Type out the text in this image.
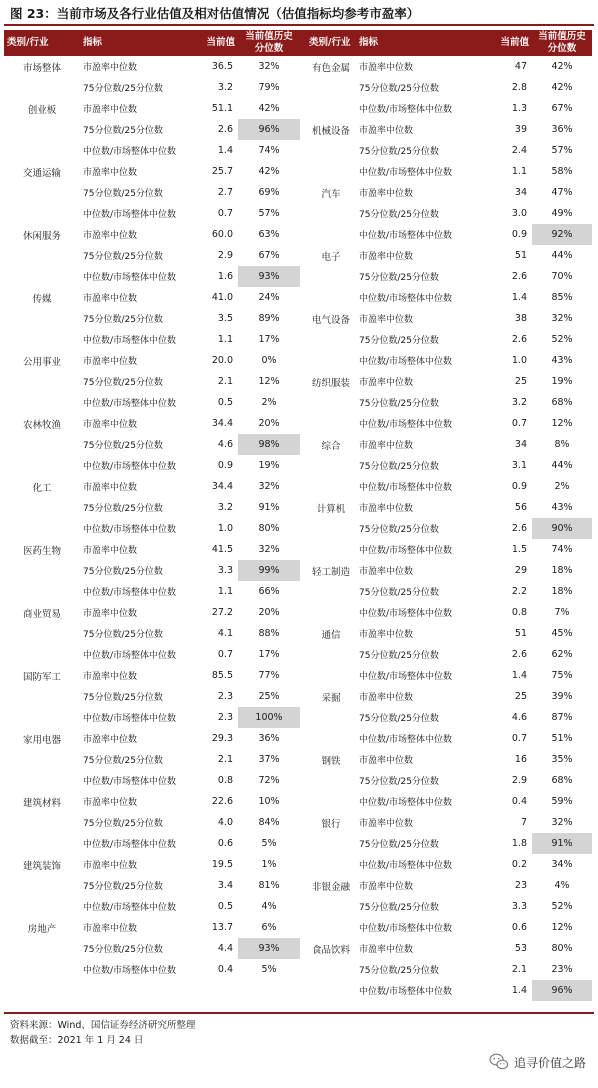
图 23：当前市场及各行业估值及相对估值情况（估值指标均参考市盈率）
类别/行业	指标	当前值	当前值历史分位数		类别/行业	指标	当前值	当前值历史分位数
市场整体	市盈率中位数	36.5	32%		有色金属	市盈率中位数	47	42%
	75分位数/25分位数	3.2	79%			75分位数/25分位数	2.8	42%
创业板	市盈率中位数	51.1	42%			中位数/市场整体中位数	1.3	67%
	75分位数/25分位数	2.6	96%		机械设备	市盈率中位数	39	36%
	中位数/市场整体中位数	1.4	74%			75分位数/25分位数	2.4	57%
交通运输	市盈率中位数	25.7	42%			中位数/市场整体中位数	1.1	58%
	75分位数/25分位数	2.7	69%		汽车	市盈率中位数	34	47%
	中位数/市场整体中位数	0.7	57%			75分位数/25分位数	3.0	49%
休闲服务	市盈率中位数	60.0	63%			中位数/市场整体中位数	0.9	92%
	75分位数/25分位数	2.9	67%		电子	市盈率中位数	51	44%
	中位数/市场整体中位数	1.6	93%			75分位数/25分位数	2.6	70%
传媒	市盈率中位数	41.0	24%			中位数/市场整体中位数	1.4	85%
	75分位数/25分位数	3.5	89%		电气设备	市盈率中位数	38	32%
	中位数/市场整体中位数	1.1	17%			75分位数/25分位数	2.6	52%
公用事业	市盈率中位数	20.0	0%			中位数/市场整体中位数	1.0	43%
	75分位数/25分位数	2.1	12%		纺织服装	市盈率中位数	25	19%
	中位数/市场整体中位数	0.5	2%			75分位数/25分位数	3.2	68%
农林牧渔	市盈率中位数	34.4	20%			中位数/市场整体中位数	0.7	12%
	75分位数/25分位数	4.6	98%		综合	市盈率中位数	34	8%
	中位数/市场整体中位数	0.9	19%			75分位数/25分位数	3.1	44%
化工	市盈率中位数	34.4	32%			中位数/市场整体中位数	0.9	2%
	75分位数/25分位数	3.2	91%		计算机	市盈率中位数	56	43%
	中位数/市场整体中位数	1.0	80%			75分位数/25分位数	2.6	90%
医药生物	市盈率中位数	41.5	32%			中位数/市场整体中位数	1.5	74%
	75分位数/25分位数	3.3	99%		轻工制造	市盈率中位数	29	18%
	中位数/市场整体中位数	1.1	66%			75分位数/25分位数	2.2	18%
商业贸易	市盈率中位数	27.2	20%			中位数/市场整体中位数	0.8	7%
	75分位数/25分位数	4.1	88%		通信	市盈率中位数	51	45%
	中位数/市场整体中位数	0.7	17%			75分位数/25分位数	2.6	62%
国防军工	市盈率中位数	85.5	77%			中位数/市场整体中位数	1.4	75%
	75分位数/25分位数	2.3	25%		采掘	市盈率中位数	25	39%
	中位数/市场整体中位数	2.3	100%			75分位数/25分位数	4.6	87%
家用电器	市盈率中位数	29.3	36%			中位数/市场整体中位数	0.7	51%
	75分位数/25分位数	2.1	37%		钢铁	市盈率中位数	16	35%
	中位数/市场整体中位数	0.8	72%			75分位数/25分位数	2.9	68%
建筑材料	市盈率中位数	22.6	10%			中位数/市场整体中位数	0.4	59%
	75分位数/25分位数	4.0	84%		银行	市盈率中位数	7	32%
	中位数/市场整体中位数	0.6	5%			75分位数/25分位数	1.8	91%
建筑装饰	市盈率中位数	19.5	1%			中位数/市场整体中位数	0.2	34%
	75分位数/25分位数	3.4	81%		非银金融	市盈率中位数	23	4%
	中位数/市场整体中位数	0.5	4%			75分位数/25分位数	3.3	52%
房地产	市盈率中位数	13.7	6%			中位数/市场整体中位数	0.6	12%
	75分位数/25分位数	4.4	93%		食品饮料	市盈率中位数	53	80%
	中位数/市场整体中位数	0.4	5%			75分位数/25分位数	2.1	23%
						中位数/市场整体中位数	1.4	96%
资料来源：Wind、国信证券经济研究所整理
数据截至：2021 年 1 月 24 日
追寻价值之路
